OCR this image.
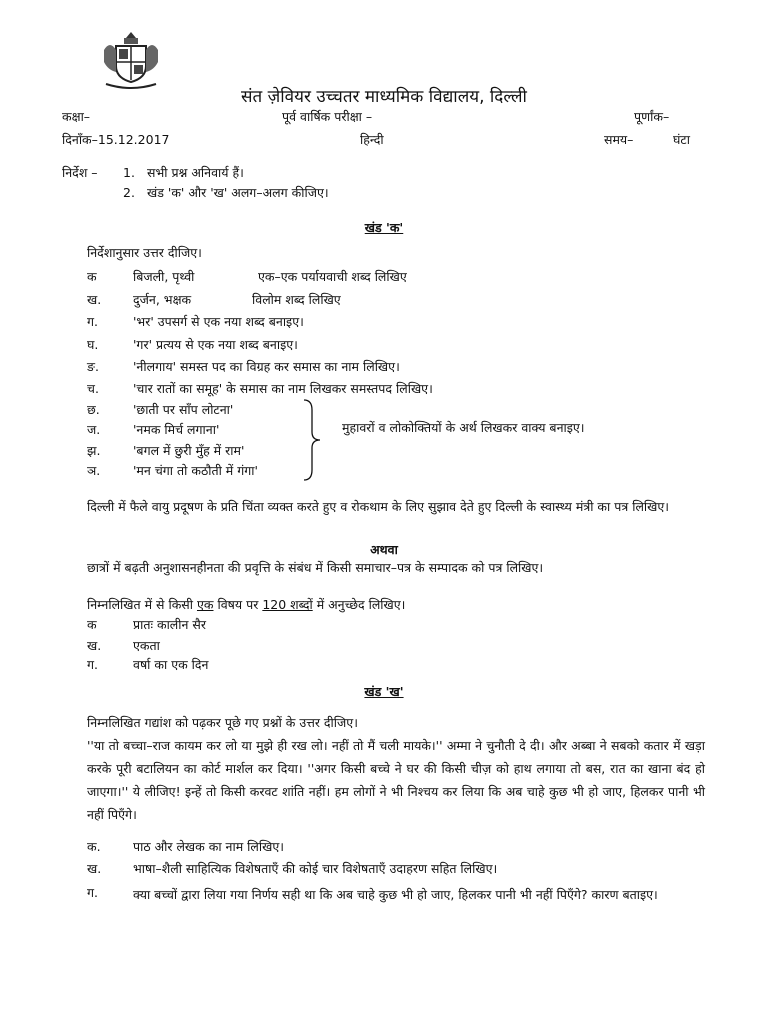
संत ज़ेवियर उच्चतर माध्यमिक विद्यालय, दिल्ली
कक्षा–	पूर्व वार्षिक परीक्षा –	पूर्णांक–
दिनाँक–15.12.2017	हिन्दी	समय–	घंटा
निर्देश – 1. सभी प्रश्न अनिवार्य हैं।
2. खंड 'क' और 'ख' अलग–अलग कीजिए।
खंड 'क'
निर्देशानुसार उत्तर दीजिए।
क	बिजली, पृथ्वी	एक–एक पर्यायवाची शब्द लिखिए
ख.	दुर्जन, भक्षक	विलोम शब्द लिखिए
ग.	'भर' उपसर्ग से एक नया शब्द बनाइए।
घ.	'गर' प्रत्यय से एक नया शब्द बनाइए।
ङ.	'नीलगाय' समस्त पद का विग्रह कर समास का नाम लिखिए।
च.	'चार रातों का समूह' के समास का नाम लिखकर समस्तपद लिखिए।
छ.	'छाती पर साँप लोटना'
ज.	'नमक मिर्च लगाना'
झ.	'बगल में छुरी मुँह में राम'
ञ.	'मन चंगा तो कठौती में गंगा'
मुहावरों व लोकोक्तियों के अर्थ लिखकर वाक्य बनाइए।
दिल्ली में फैले वायु प्रदूषण के प्रति चिंता व्यक्त करते हुए व रोकथाम के लिए सुझाव देते हुए दिल्ली के स्वास्थ्य मंत्री का पत्र लिखिए।
अथवा
छात्रों में बढ़ती अनुशासनहीनता की प्रवृत्ति के संबंध में किसी समाचार–पत्र के सम्पादक को पत्र लिखिए।
निम्नलिखित में से किसी एक विषय पर 120 शब्दों में अनुच्छेद लिखिए।
क	प्रातः कालीन सैर
ख.	एकता
ग.	वर्षा का एक दिन
खंड 'ख'
निम्नलिखित गद्यांश को पढ़कर पूछे गए प्रश्नों के उत्तर दीजिए।
''या तो बच्चा–राज कायम कर लो या मुझे ही रख लो। नहीं तो मैं चली मायके।'' अम्मा ने चुनौती दे दी। और अब्बा ने सबको कतार में खड़ा करके पूरी बटालियन का कोर्ट मार्शल कर दिया। ''अगर किसी बच्चे ने घर की किसी चीज़ को हाथ लगाया तो बस, रात का खाना बंद हो जाएगा।'' ये लीजिए! इन्हें तो किसी करवट शांति नहीं। हम लोगों ने भी निश्चय कर लिया कि अब चाहे कुछ भी हो जाए, हिलकर पानी भी नहीं पिएँगे।
क.	पाठ और लेखक का नाम लिखिए।
ख.	भाषा–शैली साहित्यिक विशेषताएँ की कोई चार विशेषताएँ उदाहरण सहित लिखिए।
ग.	क्या बच्चों द्वारा लिया गया निर्णय सही था कि अब चाहे कुछ भी हो जाए, हिलकर पानी भी नहीं पिएँगे? कारण बताइए।
